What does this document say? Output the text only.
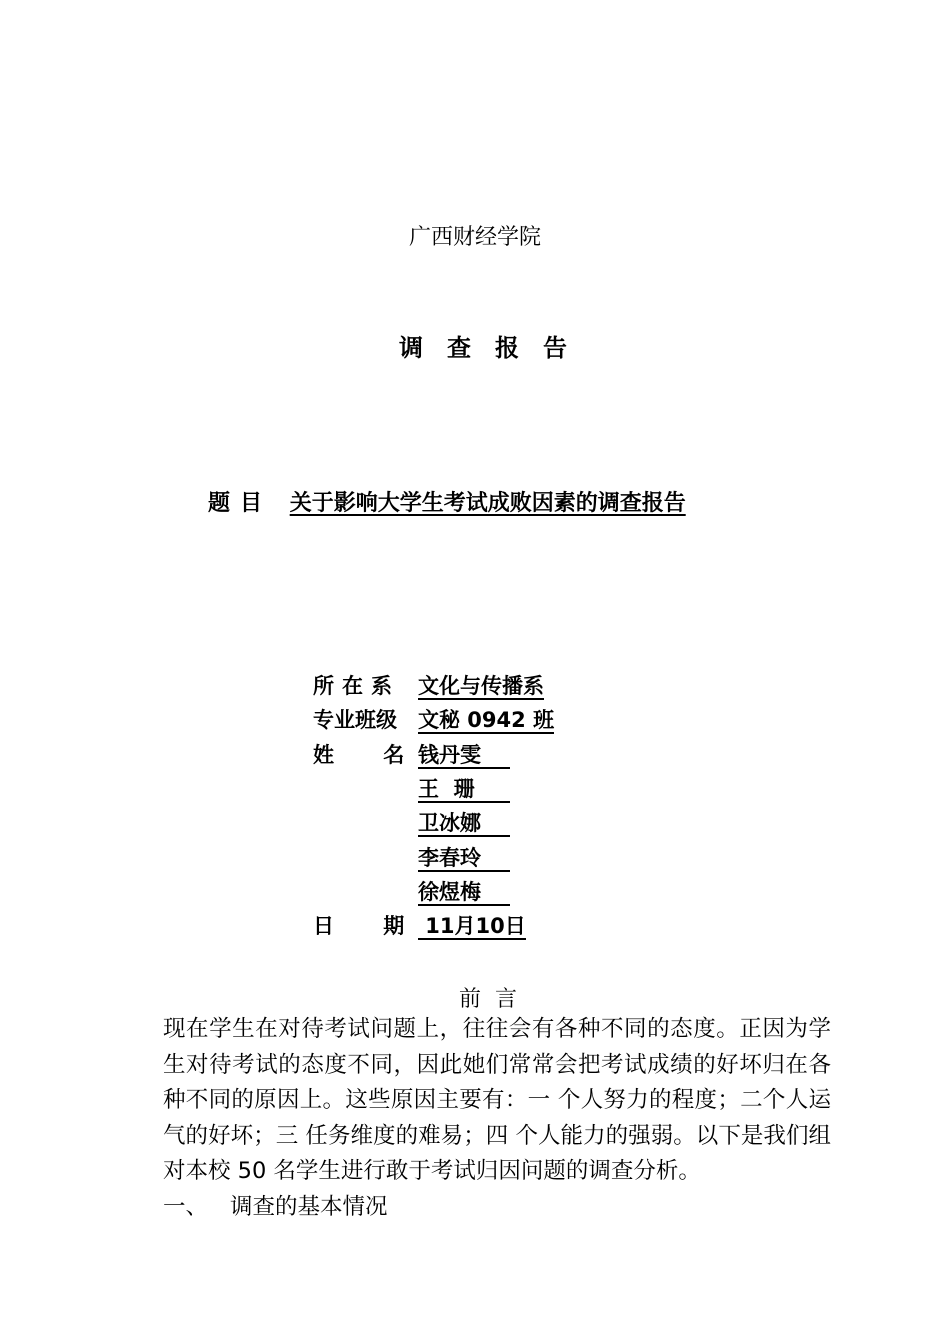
广西财经学院
调查报告
题目 关于影响大学生考试成败因素的调查报告
所在系 文化与传播系
专业班级 文秘 0942 班
姓 名 钱丹雯
王  珊
卫冰娜
李春玲
徐煜梅
日 期 11月10日
前言
现在学生在对待考试问题上，往往会有各种不同的态度。正因为学生对待考试的态度不同，因此她们常常会把考试成绩的好坏归在各种不同的原因上。这些原因主要有：一 个人努力的程度；二个人运气的好坏；三 任务维度的难易；四 个人能力的强弱。以下是我们组对本校 50 名学生进行敢于考试归因问题的调查分析。
一、 调查的基本情况
